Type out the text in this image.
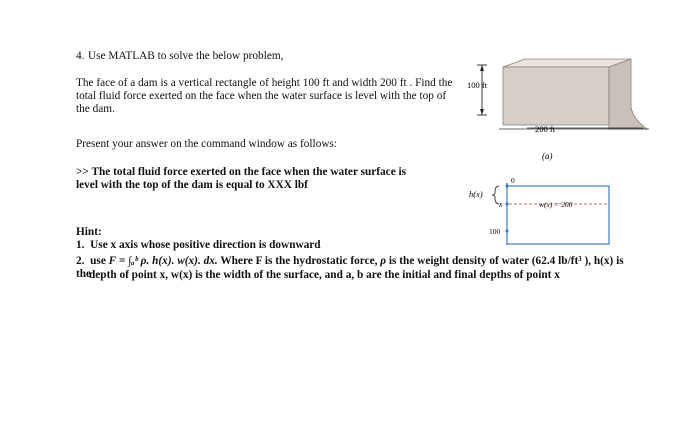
4. Use MATLAB to solve the below problem,
The face of a dam is a vertical rectangle of height 100 ft and width 200 ft . Find the total fluid force exerted on the face when the water surface is level with the top of the dam.
Present your answer on the command window as follows:
>> The total fluid force exerted on the face when the water surface is level with the top of the dam is equal to XXX lbf
Hint:
1. Use x axis whose positive direction is downward
2. use F = ∫ₐᵇ ρ. h(x). w(x). dx. Where F is the hydrostatic force, ρ is the weight density of water (62.4 lb/ft³ ), h(x) is the
depth of point x, w(x) is the width of the surface, and a, b are the initial and final depths of point x
100 ft
200 ft
(a)
0
h(x)
x	w(x) = 200
100
